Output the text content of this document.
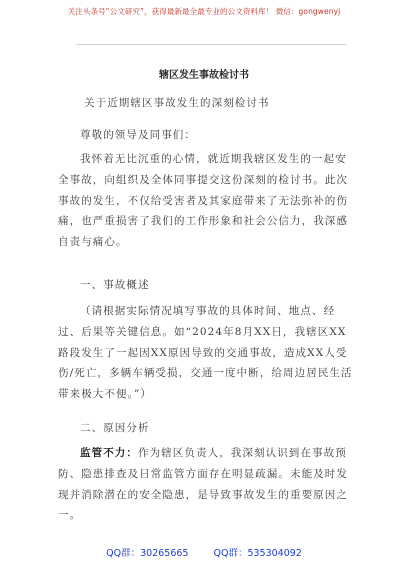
关注头条号“公文研究”，获得最新最全最专业的公文资料库！ 微信：gongwenyj
辖区发生事故检讨书

关于近期辖区事故发生的深刻检讨书

尊敬的领导及同事们：

我怀着无比沉重的心情，就近期我辖区发生的一起安全事故，向组织及全体同事提交这份深刻的检讨书。此次事故的发生，不仅给受害者及其家庭带来了无法弥补的伤痛，也严重损害了我们的工作形象和社会公信力，我深感自责与痛心。

一、事故概述

（请根据实际情况填写事故的具体时间、地点、经过、后果等关键信息。如“2024年8月XX日，我辖区XX路段发生了一起因XX原因导致的交通事故，造成XX人受伤/死亡，多辆车辆受损，交通一度中断，给周边居民生活带来极大不便。”）

二、原因分析

监管不力：作为辖区负责人，我深刻认识到在事故预防、隐患排查及日常监管方面存在明显疏漏。未能及时发现并消除潜在的安全隐患，是导致事故发生的重要原因之一。

QQ群：30265665	QQ群：535304092
